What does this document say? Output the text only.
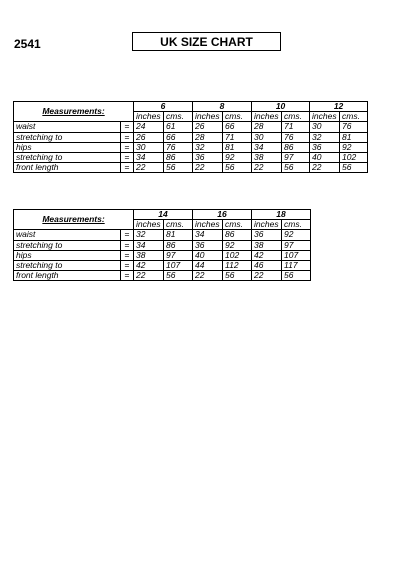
2541	UK SIZE CHART
Measurements:		6		8		10		12	
		inches	cms.	inches	cms.	inches	cms.	inches	cms.
waist	=	24	61	26	66	28	71	30	76
stretching to	=	26	66	28	71	30	76	32	81
hips	=	30	76	32	81	34	86	36	92
stretching to	=	34	86	36	92	38	97	40	102
front length	=	22	56	22	56	22	56	22	56
Measurements:		14		16		18	
		inches	cms.	inches	cms.	inches	cms.
waist	=	32	81	34	86	36	92
stretching to	=	34	86	36	92	38	97
hips	=	38	97	40	102	42	107
stretching to	=	42	107	44	112	46	117
front length	=	22	56	22	56	22	56
